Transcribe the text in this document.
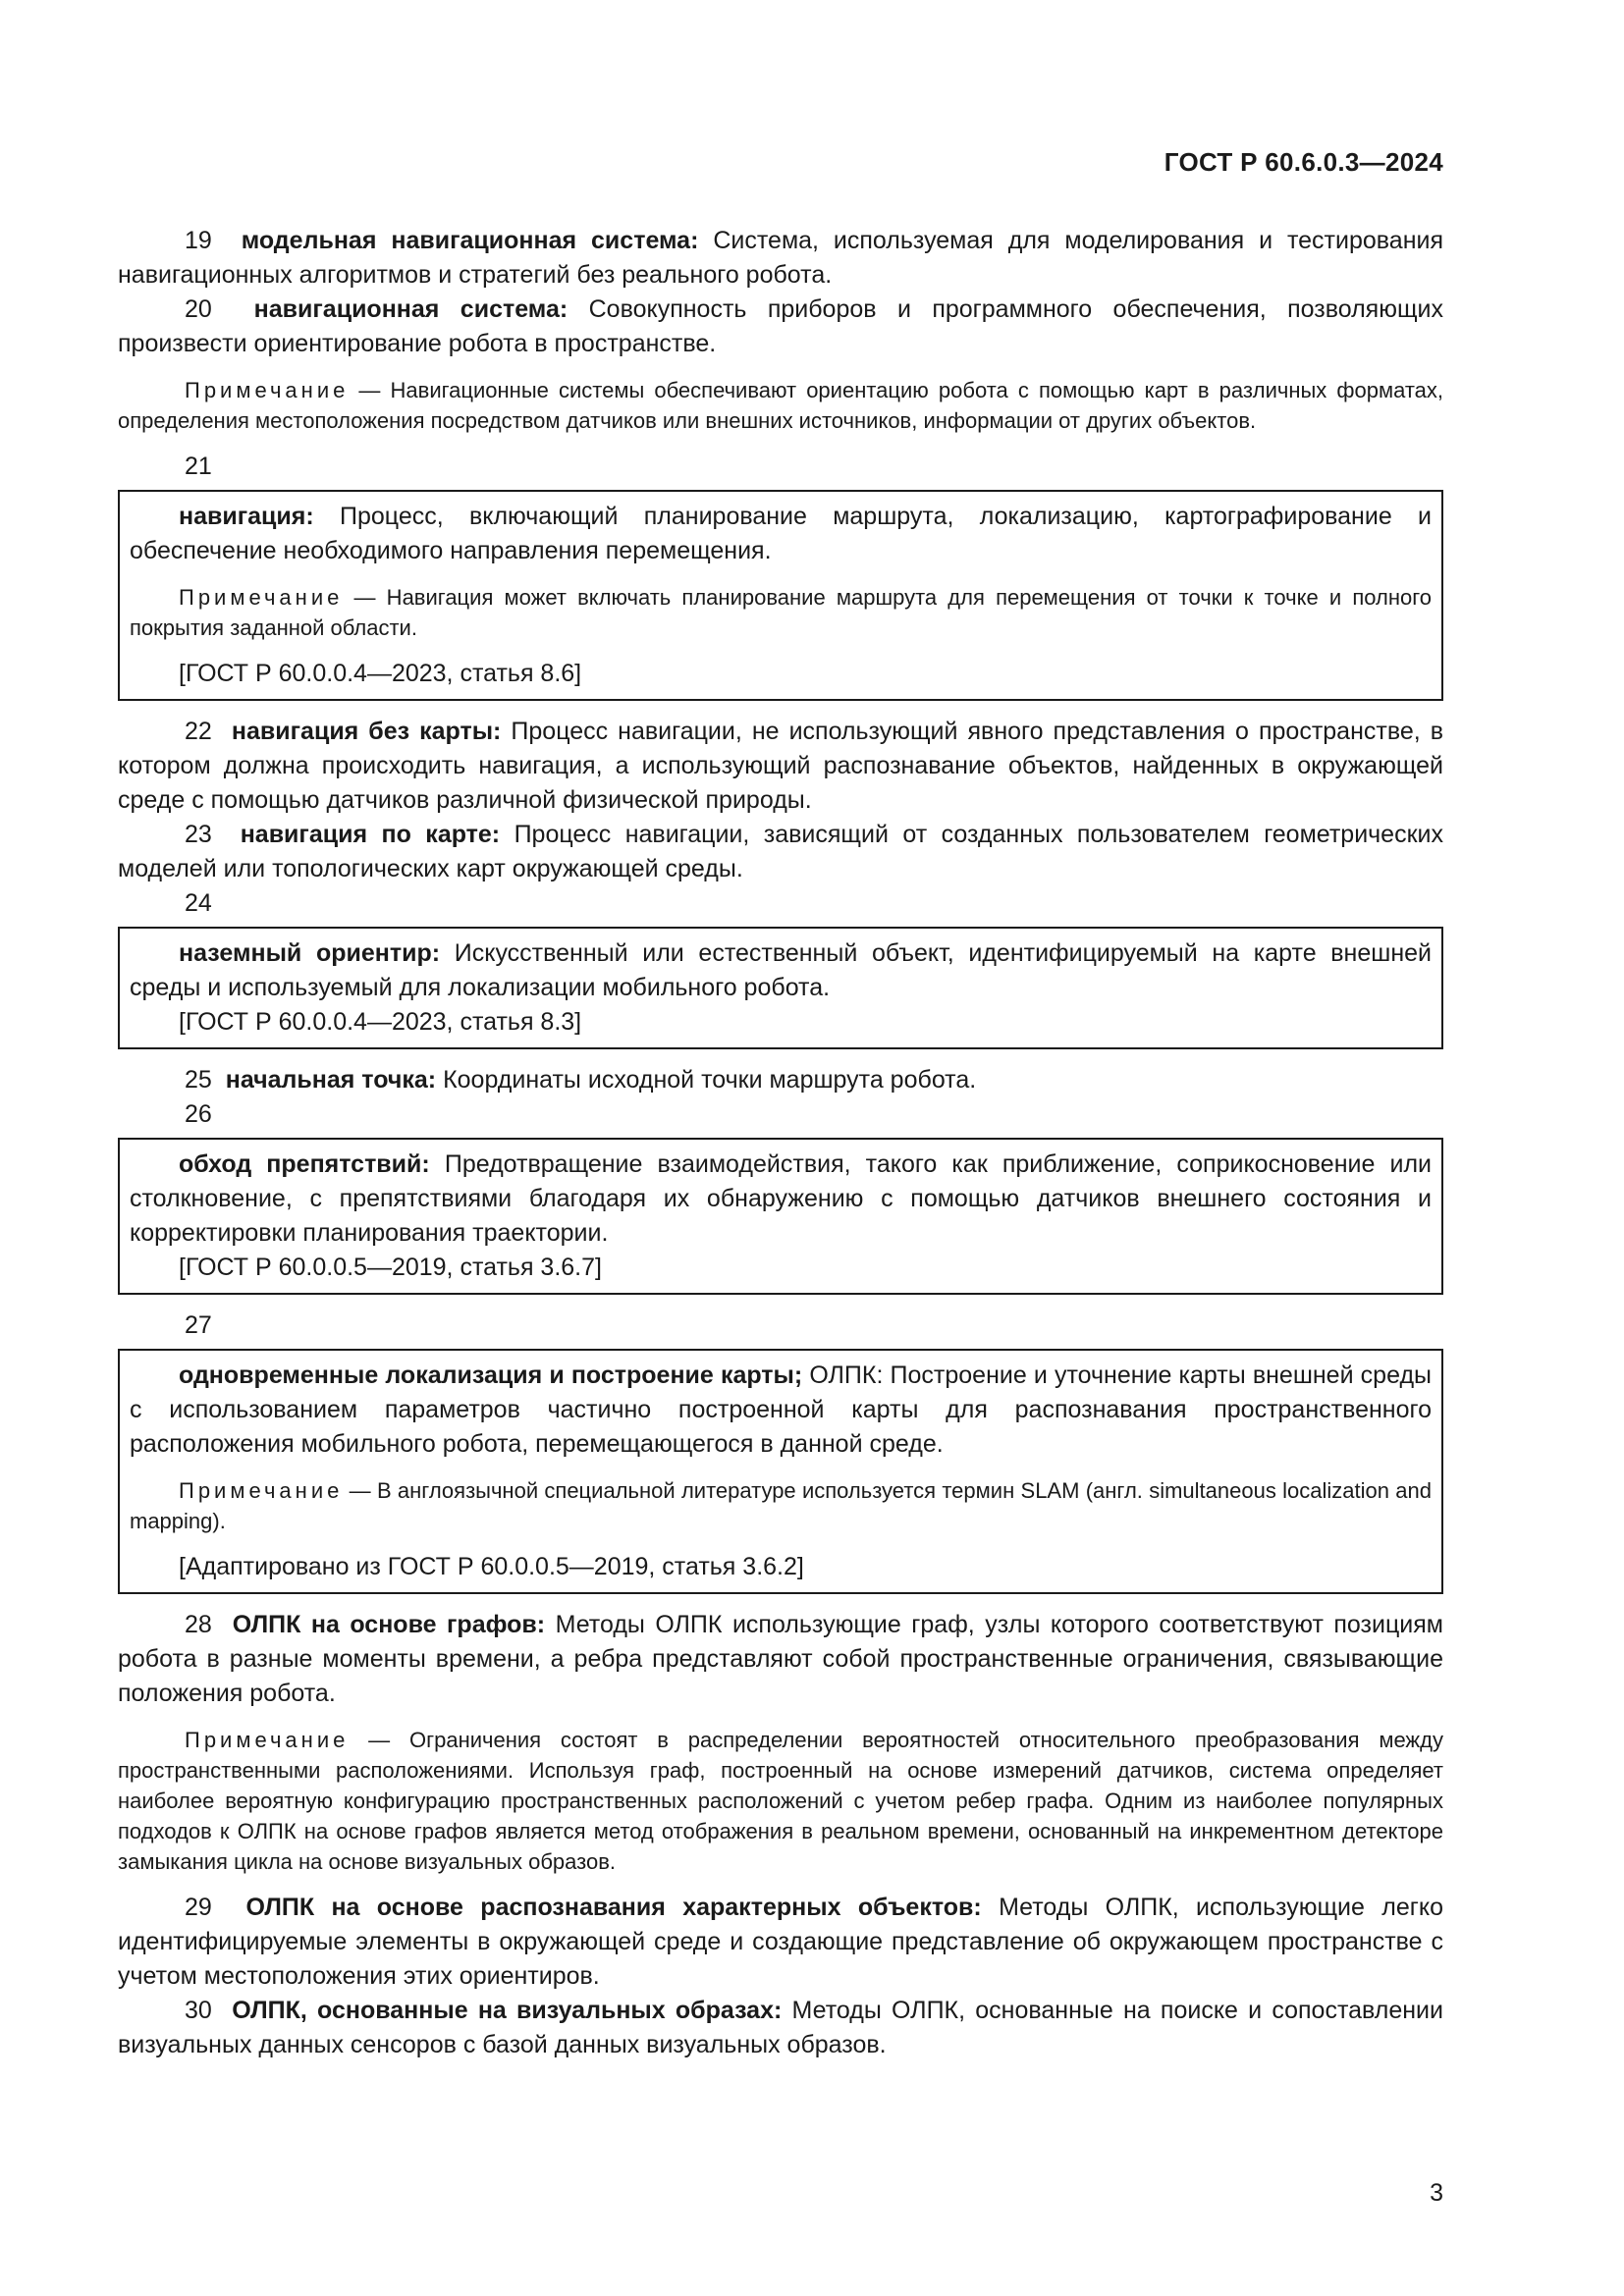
ГОСТ Р 60.6.0.3—2024

19 модельная навигационная система: Система, используемая для моделирования и тестирования навигационных алгоритмов и стратегий без реального робота.

20 навигационная система: Совокупность приборов и программного обеспечения, позволяющих произвести ориентирование робота в пространстве.

Примечание — Навигационные системы обеспечивают ориентацию робота с помощью карт в различных форматах, определения местоположения посредством датчиков или внешних источников, информации от других объектов.

21

навигация: Процесс, включающий планирование маршрута, локализацию, картографирование и обеспечение необходимого направления перемещения.

Примечание — Навигация может включать планирование маршрута для перемещения от точки к точке и полного покрытия заданной области.

[ГОСТ Р 60.0.0.4—2023, статья 8.6]

22 навигация без карты: Процесс навигации, не использующий явного представления о пространстве, в котором должна происходить навигация, а использующий распознавание объектов, найденных в окружающей среде с помощью датчиков различной физической природы.

23 навигация по карте: Процесс навигации, зависящий от созданных пользователем геометрических моделей или топологических карт окружающей среды.

24

наземный ориентир: Искусственный или естественный объект, идентифицируемый на карте внешней среды и используемый для локализации мобильного робота.

[ГОСТ Р 60.0.0.4—2023, статья 8.3]

25 начальная точка: Координаты исходной точки маршрута робота.

26

обход препятствий: Предотвращение взаимодействия, такого как приближение, соприкосновение или столкновение, с препятствиями благодаря их обнаружению с помощью датчиков внешнего состояния и корректировки планирования траектории.

[ГОСТ Р 60.0.0.5—2019, статья 3.6.7]

27

одновременные локализация и построение карты; ОЛПК: Построение и уточнение карты внешней среды с использованием параметров частично построенной карты для распознавания пространственного расположения мобильного робота, перемещающегося в данной среде.

Примечание — В англоязычной специальной литературе используется термин SLAM (англ. simultaneous localization and mapping).

[Адаптировано из ГОСТ Р 60.0.0.5—2019, статья 3.6.2]

28 ОЛПК на основе графов: Методы ОЛПК использующие граф, узлы которого соответствуют позициям робота в разные моменты времени, а ребра представляют собой пространственные ограничения, связывающие положения робота.

Примечание — Ограничения состоят в распределении вероятностей относительного преобразования между пространственными расположениями. Используя граф, построенный на основе измерений датчиков, система определяет наиболее вероятную конфигурацию пространственных расположений с учетом ребер графа. Одним из наиболее популярных подходов к ОЛПК на основе графов является метод отображения в реальном времени, основанный на инкрементном детекторе замыкания цикла на основе визуальных образов.

29 ОЛПК на основе распознавания характерных объектов: Методы ОЛПК, использующие легко идентифицируемые элементы в окружающей среде и создающие представление об окружающем пространстве с учетом местоположения этих ориентиров.

30 ОЛПК, основанные на визуальных образах: Методы ОЛПК, основанные на поиске и сопоставлении визуальных данных сенсоров с базой данных визуальных образов.

3
